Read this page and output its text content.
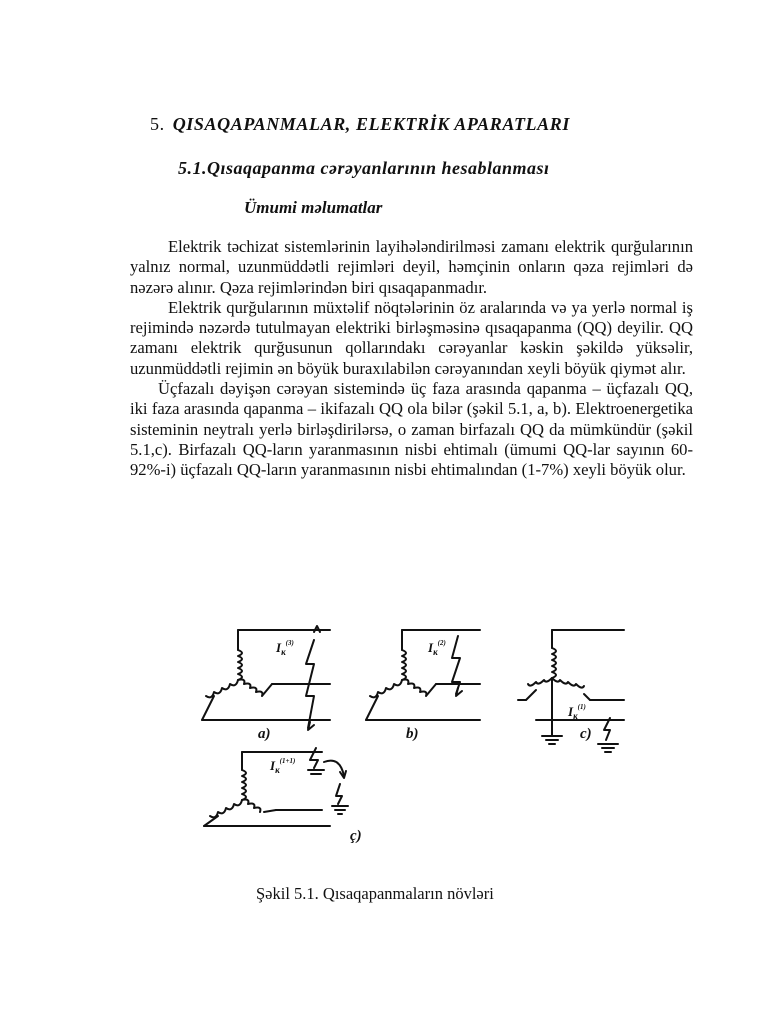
5. QISAQAPANMALAR, ELEKTRİK APARATLARI
5.1.Qısaqapanma cərəyanlarının hesablanması
Ümumi məlumatlar

Elektrik təchizat sistemlərinin layihələndirilməsi zamanı elektrik qurğularının yalnız normal, uzunmüddətli rejimləri deyil, həmçinin onların qəza rejimləri də nəzərə alınır. Qəza rejimlərindən biri qısaqapanmadır.

Elektrik qurğularının müxtəlif nöqtələrinin öz aralarında və ya yerlə normal iş rejimində nəzərdə tutulmayan elektriki birləşməsinə qısaqapanma (QQ) deyilir. QQ zamanı elektrik qurğusunun qollarındakı cərəyanlar kəskin şəkildə yüksəlir, uzunmüddətli rejimin ən böyük buraxılabilən cərəyanından xeyli böyük qiymət alır.

Üçfazalı dəyişən cərəyan sistemində üç faza arasında qapanma – üçfazalı QQ, iki faza arasında qapanma – ikifazalı QQ ola bilər (şəkil 5.1, a, b). Elektroenergetika sisteminin neytralı yerlə birləşdirilərsə, o zaman birfazalı QQ da mümkündür (şəkil 5.1,c). Birfazalı QQ-ların yaranmasının nisbi ehtimalı (ümumi QQ-lar sayının 60-92%-i) üçfazalı QQ-ların yaranmasının nisbi ehtimalından (1-7%) xeyli böyük olur.

$I_к^{(3)}$	$I_к^{(2)}$
$I_к^{(1)}$
$I_к^{(1+1)}$
a)	b)	c)
ç)
Şəkil 5.1. Qısaqapanmaların növləri
